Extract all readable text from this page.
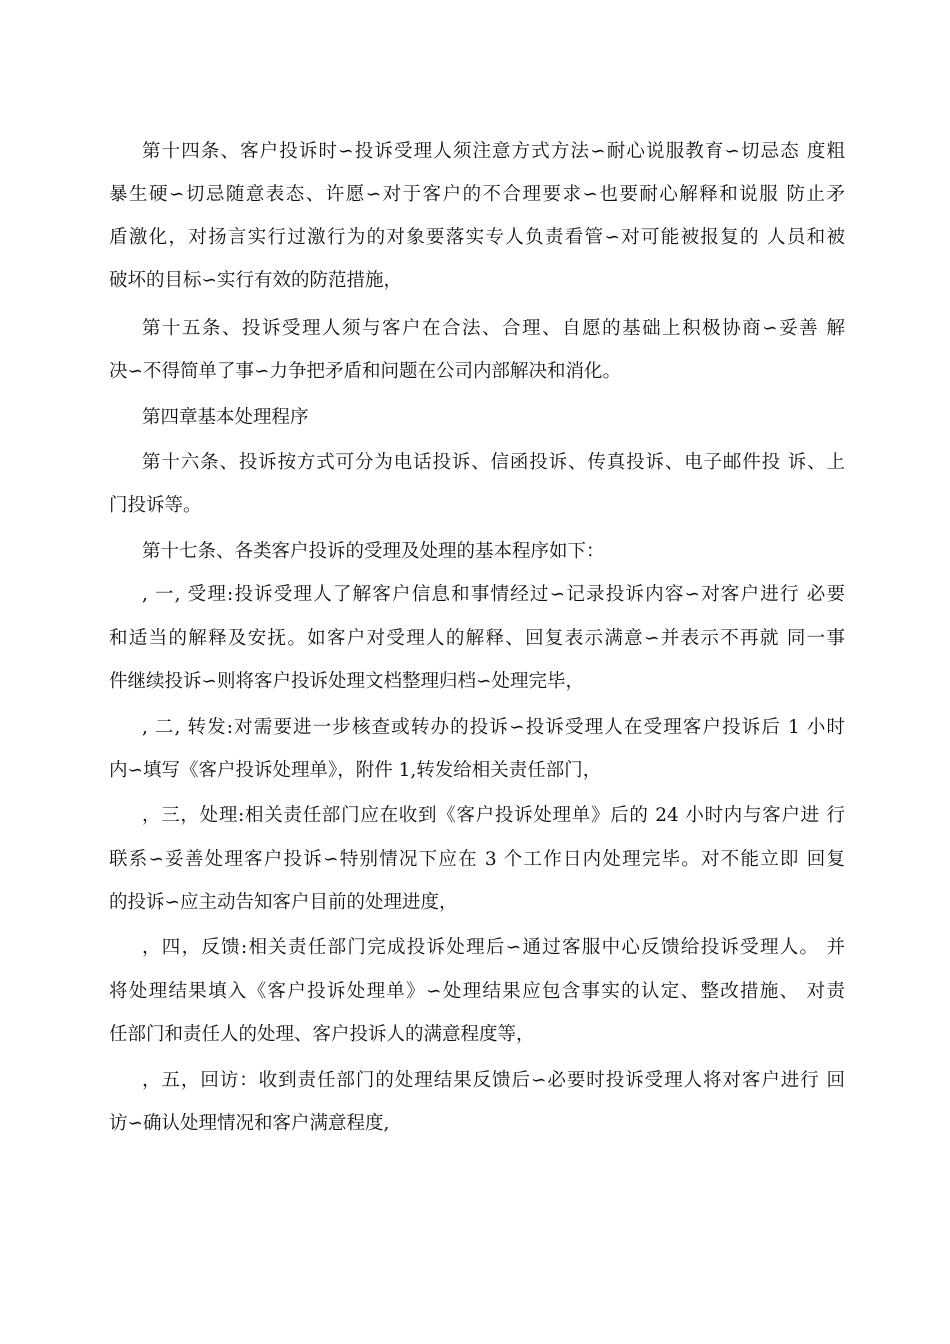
第十四条、客户投诉时∽投诉受理人须注意方式方法∽耐心说服教育∽切忌态 度粗
暴生硬∽切忌随意表态、许愿∽对于客户的不合理要求∽也要耐心解释和说服 防止矛
盾激化，对扬言实行过激行为的对象要落实专人负责看管∽对可能被报复的 人员和被
破坏的目标∽实行有效的防范措施，
第十五条、投诉受理人须与客户在合法、合理、自愿的基础上积极协商∽妥善 解
决∽不得简单了事∽力争把矛盾和问题在公司内部解决和消化。
第四章基本处理程序
第十六条、投诉按方式可分为电话投诉、信函投诉、传真投诉、电子邮件投 诉、上
门投诉等。
第十七条、各类客户投诉的受理及处理的基本程序如下：
, 一, 受理:投诉受理人了解客户信息和事情经过∽记录投诉内容∽对客户进行 必要
和适当的解释及安抚。如客户对受理人的解释、回复表示满意∽并表示不再就 同一事
件继续投诉∽则将客户投诉处理文档整理归档∽处理完毕，
, 二, 转发:对需要进一步核查或转办的投诉∽投诉受理人在受理客户投诉后 1 小时
内∽填写《客户投诉处理单》，附件 1,转发给相关责任部门，
，三，处理:相关责任部门应在收到《客户投诉处理单》后的 24 小时内与客户进 行
联系∽妥善处理客户投诉∽特别情况下应在 3 个工作日内处理完毕。对不能立即 回复
的投诉∽应主动告知客户目前的处理进度，
，四，反馈:相关责任部门完成投诉处理后∽通过客服中心反馈给投诉受理人。 并
将处理结果填入《客户投诉处理单》∽处理结果应包含事实的认定、整改措施、 对责
任部门和责任人的处理、客户投诉人的满意程度等，
，五，回访：收到责任部门的处理结果反馈后∽必要时投诉受理人将对客户进行 回
访∽确认处理情况和客户满意程度,
